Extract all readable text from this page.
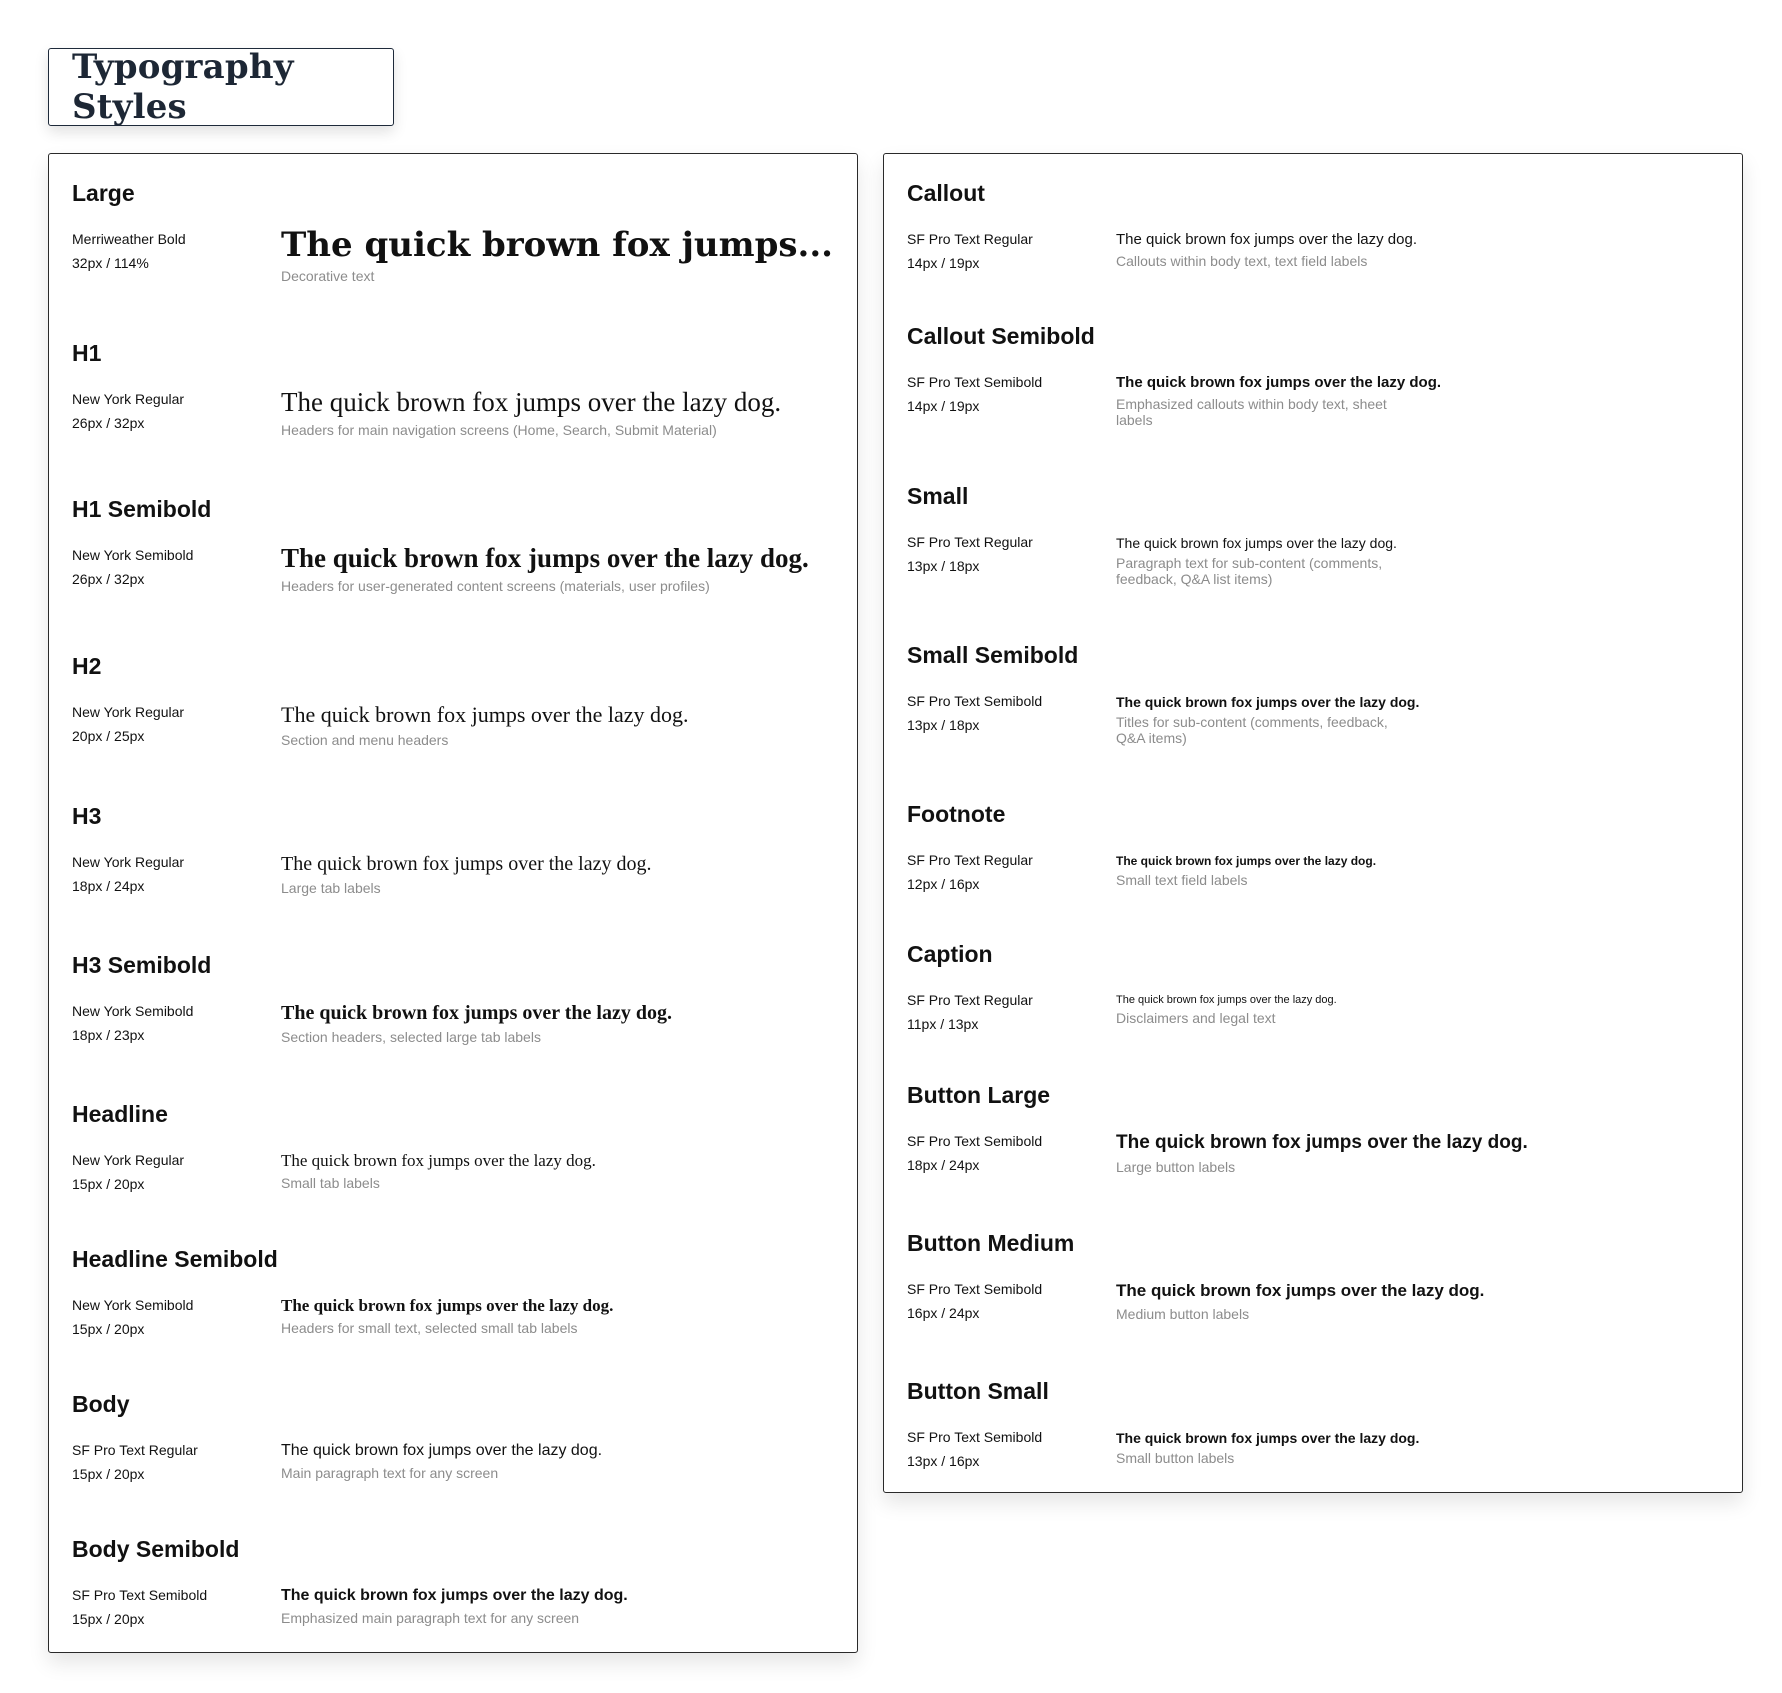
Typography Styles
Large
Merriweather Bold
32px / 114%	The quick brown fox jumps...
Decorative text
H1
New York Regular
26px / 32px
The quick brown fox jumps over the lazy dog.
Headers for main navigation screens (Home, Search, Submit Material)
H1 Semibold
New York Semibold
26px / 32px
The quick brown fox jumps over the lazy dog.
Headers for user-generated content screens (materials, user profiles)
H2
New York Regular
20px / 25px
The quick brown fox jumps over the lazy dog.
Section and menu headers
H3
New York Regular
18px / 24px
The quick brown fox jumps over the lazy dog.
Large tab labels
H3 Semibold
New York Semibold
18px / 23px
The quick brown fox jumps over the lazy dog.
Section headers, selected large tab labels
Headline
New York Regular
15px / 20px
The quick brown fox jumps over the lazy dog.
Small tab labels
Headline Semibold
New York Semibold
15px / 20px
The quick brown fox jumps over the lazy dog.
Headers for small text, selected small tab labels
Body
SF Pro Text Regular
15px / 20px
The quick brown fox jumps over the lazy dog.
Main paragraph text for any screen
Body Semibold
SF Pro Text Semibold
15px / 20px
The quick brown fox jumps over the lazy dog.
Emphasized main paragraph text for any screen
Callout
SF Pro Text Regular
14px / 19px
The quick brown fox jumps over the lazy dog.
Callouts within body text, text field labels
Callout Semibold
SF Pro Text Semibold
14px / 19px
The quick brown fox jumps over the lazy dog.
Emphasized callouts within body text, sheet labels
Small
SF Pro Text Regular
13px / 18px
The quick brown fox jumps over the lazy dog.
Paragraph text for sub-content (comments, feedback, Q&A list items)
Small Semibold
SF Pro Text Semibold
13px / 18px
The quick brown fox jumps over the lazy dog.
Titles for sub-content (comments, feedback, Q&A items)
Footnote
SF Pro Text Regular
12px / 16px
The quick brown fox jumps over the lazy dog.
Small text field labels
Caption
SF Pro Text Regular
11px / 13px
The quick brown fox jumps over the lazy dog.
Disclaimers and legal text
Button Large
SF Pro Text Semibold
18px / 24px
The quick brown fox jumps over the lazy dog.
Large button labels
Button Medium
SF Pro Text Semibold
16px / 24px
The quick brown fox jumps over the lazy dog.
Medium button labels
Button Small
SF Pro Text Semibold
13px / 16px
The quick brown fox jumps over the lazy dog.
Small button labels
